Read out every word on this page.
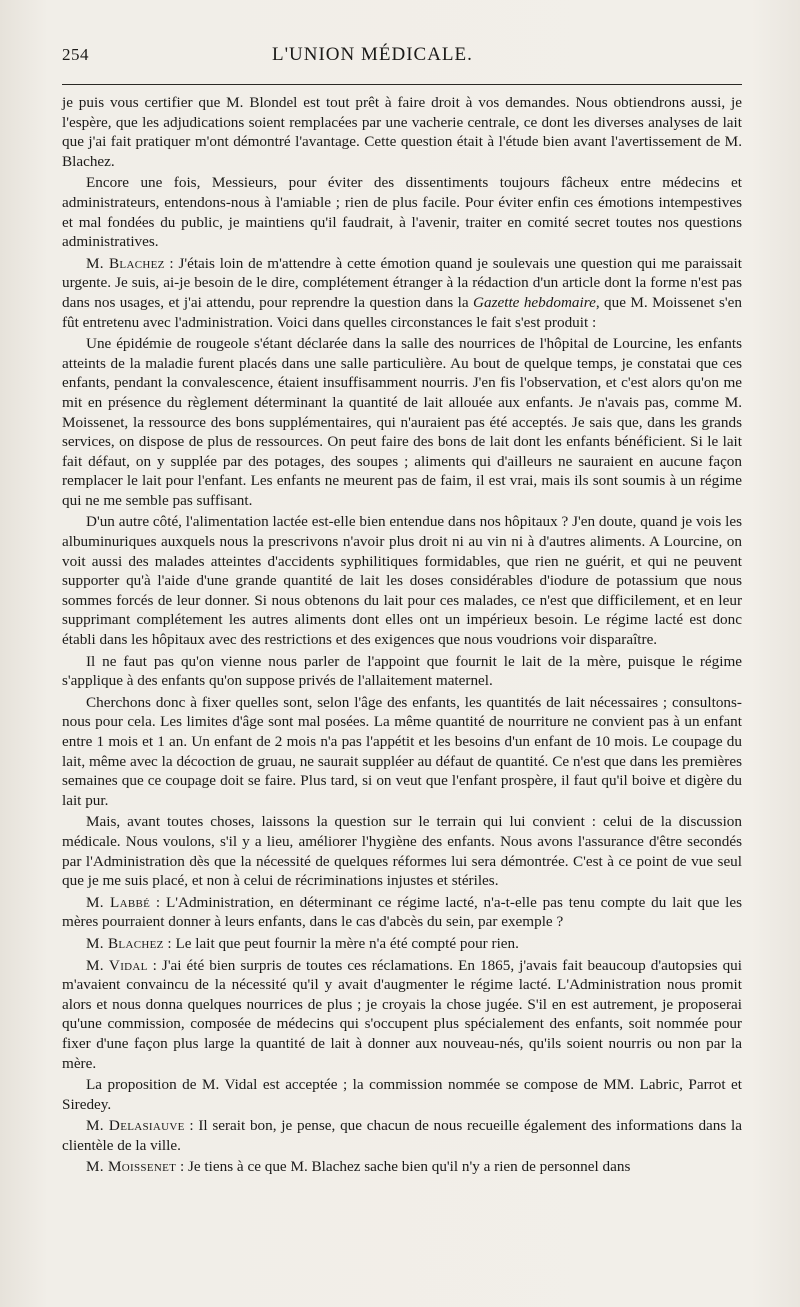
254	L'UNION MÉDICALE.

je puis vous certifier que M. Blondel est tout prêt à faire droit à vos demandes. Nous obtiendrons aussi, je l'espère, que les adjudications soient remplacées par une vacherie centrale, ce dont les diverses analyses de lait que j'ai fait pratiquer m'ont démontré l'avantage. Cette question était à l'étude bien avant l'avertissement de M. Blachez.

Encore une fois, Messieurs, pour éviter des dissentiments toujours fâcheux entre médecins et administrateurs, entendons-nous à l'amiable ; rien de plus facile. Pour éviter enfin ces émotions intempestives et mal fondées du public, je maintiens qu'il faudrait, à l'avenir, traiter en comité secret toutes nos questions administratives.

M. Blachez : J'étais loin de m'attendre à cette émotion quand je soulevais une question qui me paraissait urgente. Je suis, ai-je besoin de le dire, complétement étranger à la rédaction d'un article dont la forme n'est pas dans nos usages, et j'ai attendu, pour reprendre la question dans la Gazette hebdomaire, que M. Moissenet s'en fût entretenu avec l'administration. Voici dans quelles circonstances le fait s'est produit :

Une épidémie de rougeole s'étant déclarée dans la salle des nourrices de l'hôpital de Lourcine, les enfants atteints de la maladie furent placés dans une salle particulière. Au bout de quelque temps, je constatai que ces enfants, pendant la convalescence, étaient insuffisamment nourris. J'en fis l'observation, et c'est alors qu'on me mit en présence du règlement déterminant la quantité de lait allouée aux enfants. Je n'avais pas, comme M. Moissenet, la ressource des bons supplémentaires, qui n'auraient pas été acceptés. Je sais que, dans les grands services, on dispose de plus de ressources. On peut faire des bons de lait dont les enfants bénéficient. Si le lait fait défaut, on y supplée par des potages, des soupes ; aliments qui d'ailleurs ne sauraient en aucune façon remplacer le lait pour l'enfant. Les enfants ne meurent pas de faim, il est vrai, mais ils sont soumis à un régime qui ne me semble pas suffisant.

D'un autre côté, l'alimentation lactée est-elle bien entendue dans nos hôpitaux ? J'en doute, quand je vois les albuminuriques auxquels nous la prescrivons n'avoir plus droit ni au vin ni à d'autres aliments. A Lourcine, on voit aussi des malades atteintes d'accidents syphilitiques formidables, que rien ne guérit, et qui ne peuvent supporter qu'à l'aide d'une grande quantité de lait les doses considérables d'iodure de potassium que nous sommes forcés de leur donner. Si nous obtenons du lait pour ces malades, ce n'est que difficilement, et en leur supprimant complétement les autres aliments dont elles ont un impérieux besoin. Le régime lacté est donc établi dans les hôpitaux avec des restrictions et des exigences que nous voudrions voir disparaître.

Il ne faut pas qu'on vienne nous parler de l'appoint que fournit le lait de la mère, puisque le régime s'applique à des enfants qu'on suppose privés de l'allaitement maternel.

Cherchons donc à fixer quelles sont, selon l'âge des enfants, les quantités de lait nécessaires ; consultons-nous pour cela. Les limites d'âge sont mal posées. La même quantité de nourriture ne convient pas à un enfant entre 1 mois et 1 an. Un enfant de 2 mois n'a pas l'appétit et les besoins d'un enfant de 10 mois. Le coupage du lait, même avec la décoction de gruau, ne saurait suppléer au défaut de quantité. Ce n'est que dans les premières semaines que ce coupage doit se faire. Plus tard, si on veut que l'enfant prospère, il faut qu'il boive et digère du lait pur.

Mais, avant toutes choses, laissons la question sur le terrain qui lui convient : celui de la discussion médicale. Nous voulons, s'il y a lieu, améliorer l'hygiène des enfants. Nous avons l'assurance d'être secondés par l'Administration dès que la nécessité de quelques réformes lui sera démontrée. C'est à ce point de vue seul que je me suis placé, et non à celui de récriminations injustes et stériles.

M. Labbé : L'Administration, en déterminant ce régime lacté, n'a-t-elle pas tenu compte du lait que les mères pourraient donner à leurs enfants, dans le cas d'abcès du sein, par exemple ?

M. Blachez : Le lait que peut fournir la mère n'a été compté pour rien.

M. Vidal : J'ai été bien surpris de toutes ces réclamations. En 1865, j'avais fait beaucoup d'autopsies qui m'avaient convaincu de la nécessité qu'il y avait d'augmenter le régime lacté. L'Administration nous promit alors et nous donna quelques nourrices de plus ; je croyais la chose jugée. S'il en est autrement, je proposerai qu'une commission, composée de médecins qui s'occupent plus spécialement des enfants, soit nommée pour fixer d'une façon plus large la quantité de lait à donner aux nouveau-nés, qu'ils soient nourris ou non par la mère.

La proposition de M. Vidal est acceptée ; la commission nommée se compose de MM. Labric, Parrot et Siredey.

M. Delasiauve : Il serait bon, je pense, que chacun de nous recueille également des informations dans la clientèle de la ville.

M. Moissenet : Je tiens à ce que M. Blachez sache bien qu'il n'y a rien de personnel dans
